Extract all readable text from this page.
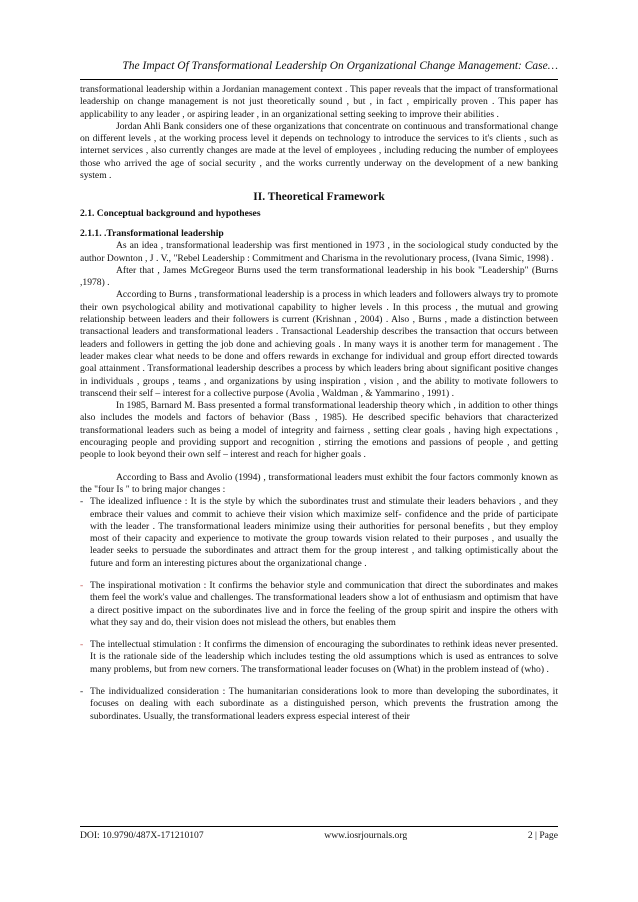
The Impact Of Transformational Leadership On Organizational Change Management: Case…

transformational leadership within a Jordanian management context . This paper reveals that the impact of transformational leadership on change management is not just theoretically sound , but , in fact , empirically proven . This paper has applicability to any leader , or aspiring leader , in an organizational setting seeking to improve their abilities .

Jordan Ahli Bank considers one of these organizations that concentrate on continuous and transformational change on different levels , at the working process level it depends on technology to introduce the services to it's clients , such as internet services , also currently changes are made at the level of employees , including reducing the number of employees those who arrived the age of social security , and the works currently underway on the development of a new banking system .

II. Theoretical Framework

2.1. Conceptual background and hypotheses

2.1.1. .Transformational leadership

As an idea , transformational leadership was first mentioned in 1973 , in the sociological study conducted by the author Downton , J . V., "Rebel Leadership : Commitment and Charisma in the revolutionary process, (Ivana Simic, 1998) .

After that , James McGregeor Burns used the term transformational leadership in his book "Leadership" (Burns ,1978) .

According to Burns , transformational leadership is a process in which leaders and followers always try to promote their own psychological ability and motivational capability to higher levels . In this process , the mutual and growing relationship between leaders and their followers is current (Krishnan , 2004) . Also , Burns , made a distinction between transactional leaders and transformational leaders . Transactional Leadership describes the transaction that occurs between leaders and followers in getting the job done and achieving goals . In many ways it is another term for management . The leader makes clear what needs to be done and offers rewards in exchange for individual and group effort directed towards goal attainment . Transformational leadership describes a process by which leaders bring about significant positive changes in individuals , groups , teams , and organizations by using inspiration , vision , and the ability to motivate followers to transcend their self – interest for a collective purpose (Avolia , Waldman , & Yammarino , 1991) .

In 1985, Barnard M. Bass presented a formal transformational leadership theory which , in addition to other things also includes the models and factors of behavior (Bass , 1985). He described specific behaviors that characterized transformational leaders such as being a model of integrity and fairness , setting clear goals , having high expectations , encouraging people and providing support and recognition , stirring the emotions and passions of people , and getting people to look beyond their own self – interest and reach for higher goals .

According to Bass and Avolio (1994) , transformational leaders must exhibit the four factors commonly known as the "four Is " to bring major changes :

- The idealized influence : It is the style by which the subordinates trust and stimulate their leaders behaviors , and they embrace their values and commit to achieve their vision which maximize self- confidence and the pride of participate with the leader . The transformational leaders minimize using their authorities for personal benefits , but they employ most of their capacity and experience to motivate the group towards vision related to their purposes , and usually the leader seeks to persuade the subordinates and attract them for the group interest , and talking optimistically about the future and form an interesting pictures about the organizational change .
- The inspirational motivation : It confirms the behavior style and communication that direct the subordinates and makes them feel the work's value and challenges. The transformational leaders show a lot of enthusiasm and optimism that have a direct positive impact on the subordinates live and in force the feeling of the group spirit and inspire the others with what they say and do, their vision does not mislead the others, but enables them
- The intellectual stimulation : It confirms the dimension of encouraging the subordinates to rethink ideas never presented. It is the rationale side of the leadership which includes testing the old assumptions which is used as entrances to solve many problems, but from new corners. The transformational leader focuses on (What) in the problem instead of (who) .
- The individualized consideration : The humanitarian considerations look to more than developing the subordinates, it focuses on dealing with each subordinate as a distinguished person, which prevents the frustration among the subordinates. Usually, the transformational leaders express especial interest of their
DOI: 10.9790/487X-171210107	www.iosrjournals.org	2 | Page
